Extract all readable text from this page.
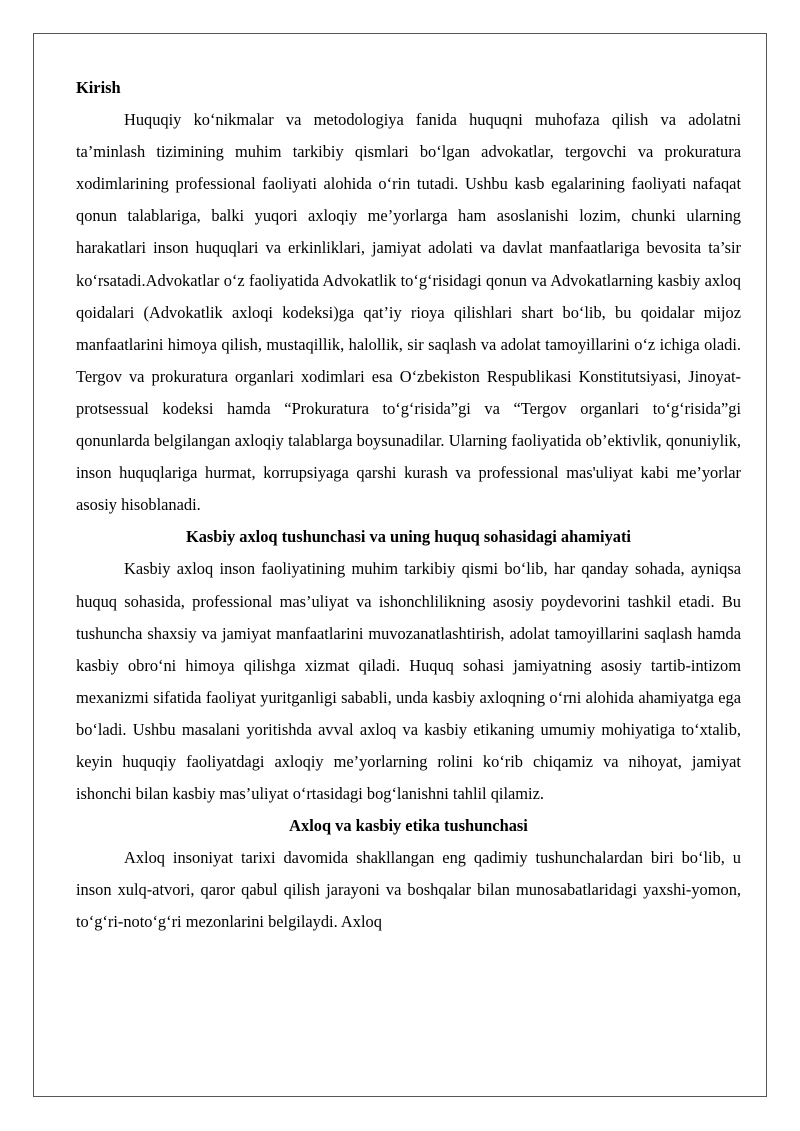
Kirish

Huquqiy ko‘nikmalar va metodologiya fanida huquqni muhofaza qilish va adolatni ta’minlash tizimining muhim tarkibiy qismlari bo‘lgan advokatlar, tergovchi va prokuratura xodimlarining professional faoliyati alohida o‘rin tutadi. Ushbu kasb egalarining faoliyati nafaqat qonun talablariga, balki yuqori axloqiy me’yorlarga ham asoslanishi lozim, chunki ularning harakatlari inson huquqlari va erkinliklari, jamiyat adolati va davlat manfaatlariga bevosita ta’sir ko‘rsatadi.Advokatlar o‘z faoliyatida Advokatlik to‘g‘risidagi qonun va Advokatlarning kasbiy axloq qoidalari (Advokatlik axloqi kodeksi)ga qat’iy rioya qilishlari shart bo‘lib, bu qoidalar mijoz manfaatlarini himoya qilish, mustaqillik, halollik, sir saqlash va adolat tamoyillarini o‘z ichiga oladi. Tergov va prokuratura organlari xodimlari esa O‘zbekiston Respublikasi Konstitutsiyasi, Jinoyat-protsessual kodeksi hamda “Prokuratura to‘g‘risida”gi va “Tergov organlari to‘g‘risida”gi qonunlarda belgilangan axloqiy talablarga boysunadilar. Ularning faoliyatida ob’ektivlik, qonuniylik, inson huquqlariga hurmat, korrupsiyaga qarshi kurash va professional mas'uliyat kabi me’yorlar asosiy hisoblanadi.

Kasbiy axloq tushunchasi va uning huquq sohasidagi ahamiyati

Kasbiy axloq inson faoliyatining muhim tarkibiy qismi bo‘lib, har qanday sohada, ayniqsa huquq sohasida, professional mas’uliyat va ishonchlilikning asosiy poydevorini tashkil etadi. Bu tushuncha shaxsiy va jamiyat manfaatlarini muvozanatlashtirish, adolat tamoyillarini saqlash hamda kasbiy obro‘ni himoya qilishga xizmat qiladi. Huquq sohasi jamiyatning asosiy tartib-intizom mexanizmi sifatida faoliyat yuritganligi sababli, unda kasbiy axloqning o‘rni alohida ahamiyatga ega bo‘ladi. Ushbu masalani yoritishda avval axloq va kasbiy etikaning umumiy mohiyatiga to‘xtalib, keyin huquqiy faoliyatdagi axloqiy me’yorlarning rolini ko‘rib chiqamiz va nihoyat, jamiyat ishonchi bilan kasbiy mas’uliyat o‘rtasidagi bog‘lanishni tahlil qilamiz.

Axloq va kasbiy etika tushunchasi

Axloq insoniyat tarixi davomida shakllangan eng qadimiy tushunchalardan biri bo‘lib, u inson xulq-atvori, qaror qabul qilish jarayoni va boshqalar bilan munosabatlaridagi yaxshi-yomon, to‘g‘ri-noto‘g‘ri mezonlarini belgilaydi. Axloq
